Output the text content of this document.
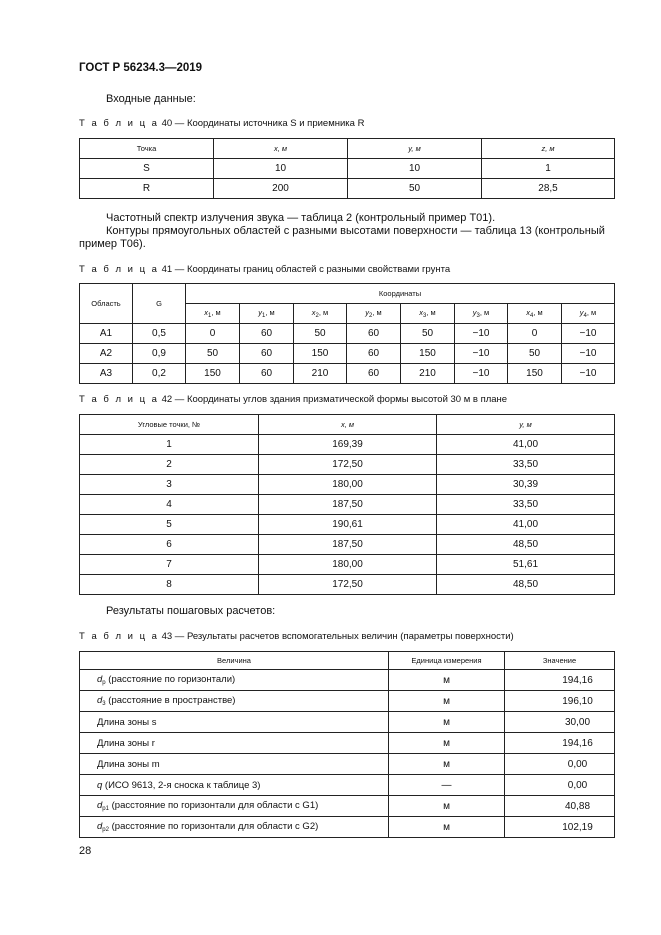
ГОСТ Р 56234.3—2019
Входные данные:
Т а б л и ц а 40 — Координаты источника S и приемника R
Точка	x, м	y, м	z, м
S	10	10	1
R	200	50	28,5
Частотный спектр излучения звука — таблица 2 (контрольный пример Т01).
Контуры прямоугольных областей с разными высотами поверхности — таблица 13 (контрольный
пример Т06).
Т а б л и ц а 41 — Координаты границ областей с разными свойствами грунта
Область	G	Координаты							
		$x_1$, м	$y_1$, м	$x_2$, м	$y_2$, м	$x_3$, м	$y_3$, м	$x_4$, м	$y_4$, м
A1	0,5	0	60	50	60	50	−10	0	−10
A2	0,9	50	60	150	60	150	−10	50	−10
A3	0,2	150	60	210	60	210	−10	150	−10
Т а б л и ц а 42 — Координаты углов здания призматической формы высотой 30 м в плане
Угловые точки, №	x, м	y, м
1	169,39	41,00
2	172,50	33,50
3	180,00	30,39
4	187,50	33,50
5	190,61	41,00
6	187,50	48,50
7	180,00	51,61
8	172,50	48,50
Результаты пошаговых расчетов:
Т а б л и ц а 43 — Результаты расчетов вспомогательных величин (параметры поверхности)
Величина	Единица измерения	Значение
$d_p$ (расстояние по горизонтали)	м	194,16
$d_3$ (расстояние в пространстве)	м	196,10
Длина зоны s	м	30,00
Длина зоны r	м	194,16
Длина зоны m	м	0,00
q (ИСО 9613, 2-я сноска к таблице 3)	—	0,00
$d_{p1}$ (расстояние по горизонтали для области с G1)	м	40,88
$d_{p2}$ (расстояние по горизонтали для области с G2)	м	102,19
28
